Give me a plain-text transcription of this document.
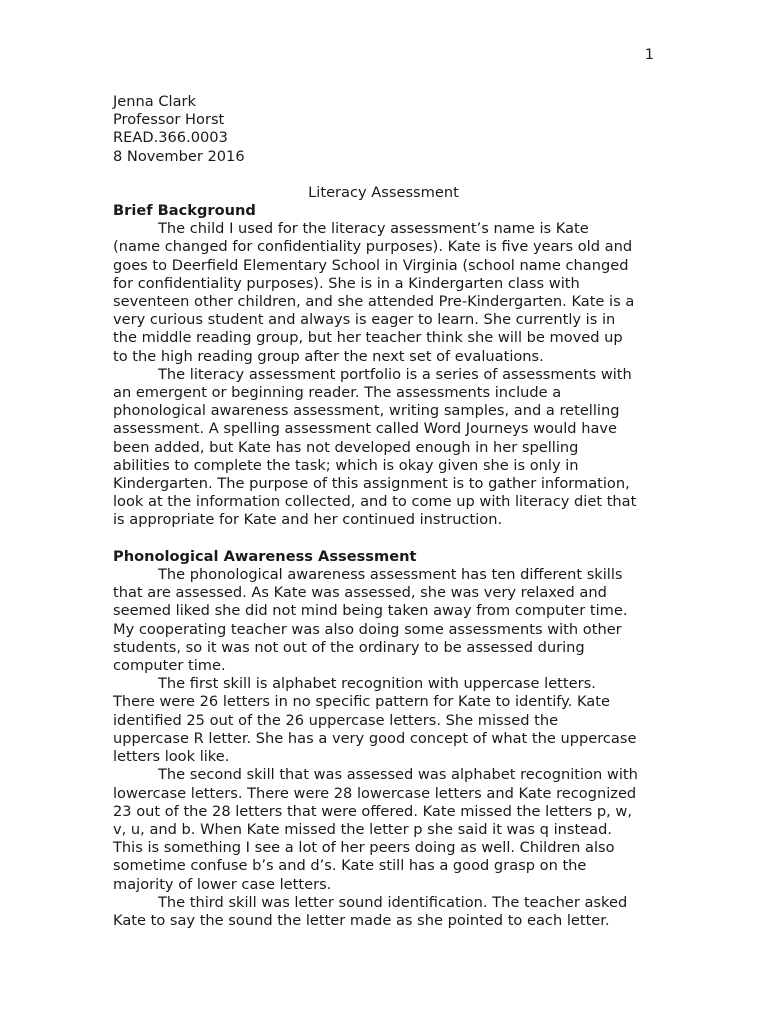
1
Jenna Clark
Professor Horst
READ.366.0003
8 November 2016
Literacy Assessment
Brief Background

The child I used for the literacy assessment’s name is Kate
(name changed for confidentiality purposes). Kate is five years old and
goes to Deerfield Elementary School in Virginia (school name changed
for confidentiality purposes). She is in a Kindergarten class with
seventeen other children, and she attended Pre-Kindergarten. Kate is a
very curious student and always is eager to learn. She currently is in
the middle reading group, but her teacher think she will be moved up
to the high reading group after the next set of evaluations.

The literacy assessment portfolio is a series of assessments with
an emergent or beginning reader. The assessments include a
phonological awareness assessment, writing samples, and a retelling
assessment. A spelling assessment called Word Journeys would have
been added, but Kate has not developed enough in her spelling
abilities to complete the task; which is okay given she is only in
Kindergarten. The purpose of this assignment is to gather information,
look at the information collected, and to come up with literacy diet that
is appropriate for Kate and her continued instruction.

Phonological Awareness Assessment

The phonological awareness assessment has ten different skills
that are assessed. As Kate was assessed, she was very relaxed and
seemed liked she did not mind being taken away from computer time.
My cooperating teacher was also doing some assessments with other
students, so it was not out of the ordinary to be assessed during
computer time.

The first skill is alphabet recognition with uppercase letters.
There were 26 letters in no specific pattern for Kate to identify. Kate
identified 25 out of the 26 uppercase letters. She missed the
uppercase R letter. She has a very good concept of what the uppercase
letters look like.

The second skill that was assessed was alphabet recognition with
lowercase letters. There were 28 lowercase letters and Kate recognized
23 out of the 28 letters that were offered. Kate missed the letters p, w,
v, u, and b. When Kate missed the letter p she said it was q instead.
This is something I see a lot of her peers doing as well. Children also
sometime confuse b’s and d’s. Kate still has a good grasp on the
majority of lower case letters.

The third skill was letter sound identification. The teacher asked
Kate to say the sound the letter made as she pointed to each letter.
